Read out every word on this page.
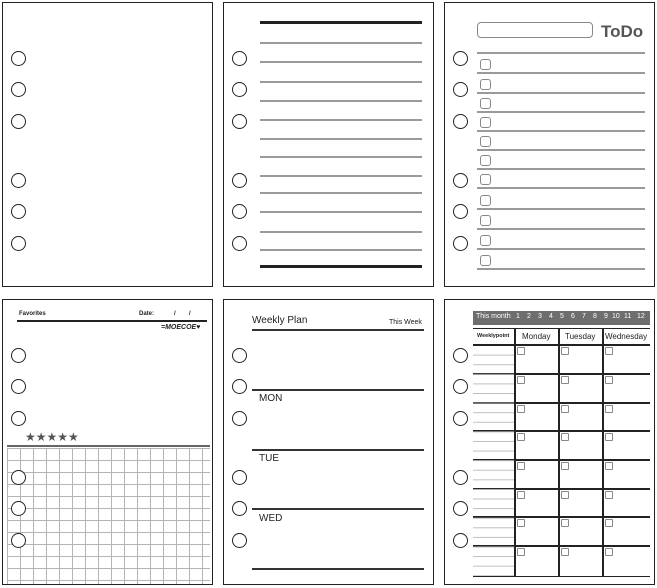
ToDo
Favorites	Date:	/ /
=MOECOE♥
★★★★★
Weekly Plan	This Week
MON
TUE
WED
This month 1 2 3 4 5 6 7 8 9 10 11 12
Weeklypoint Monday Tuesday Wednesday
